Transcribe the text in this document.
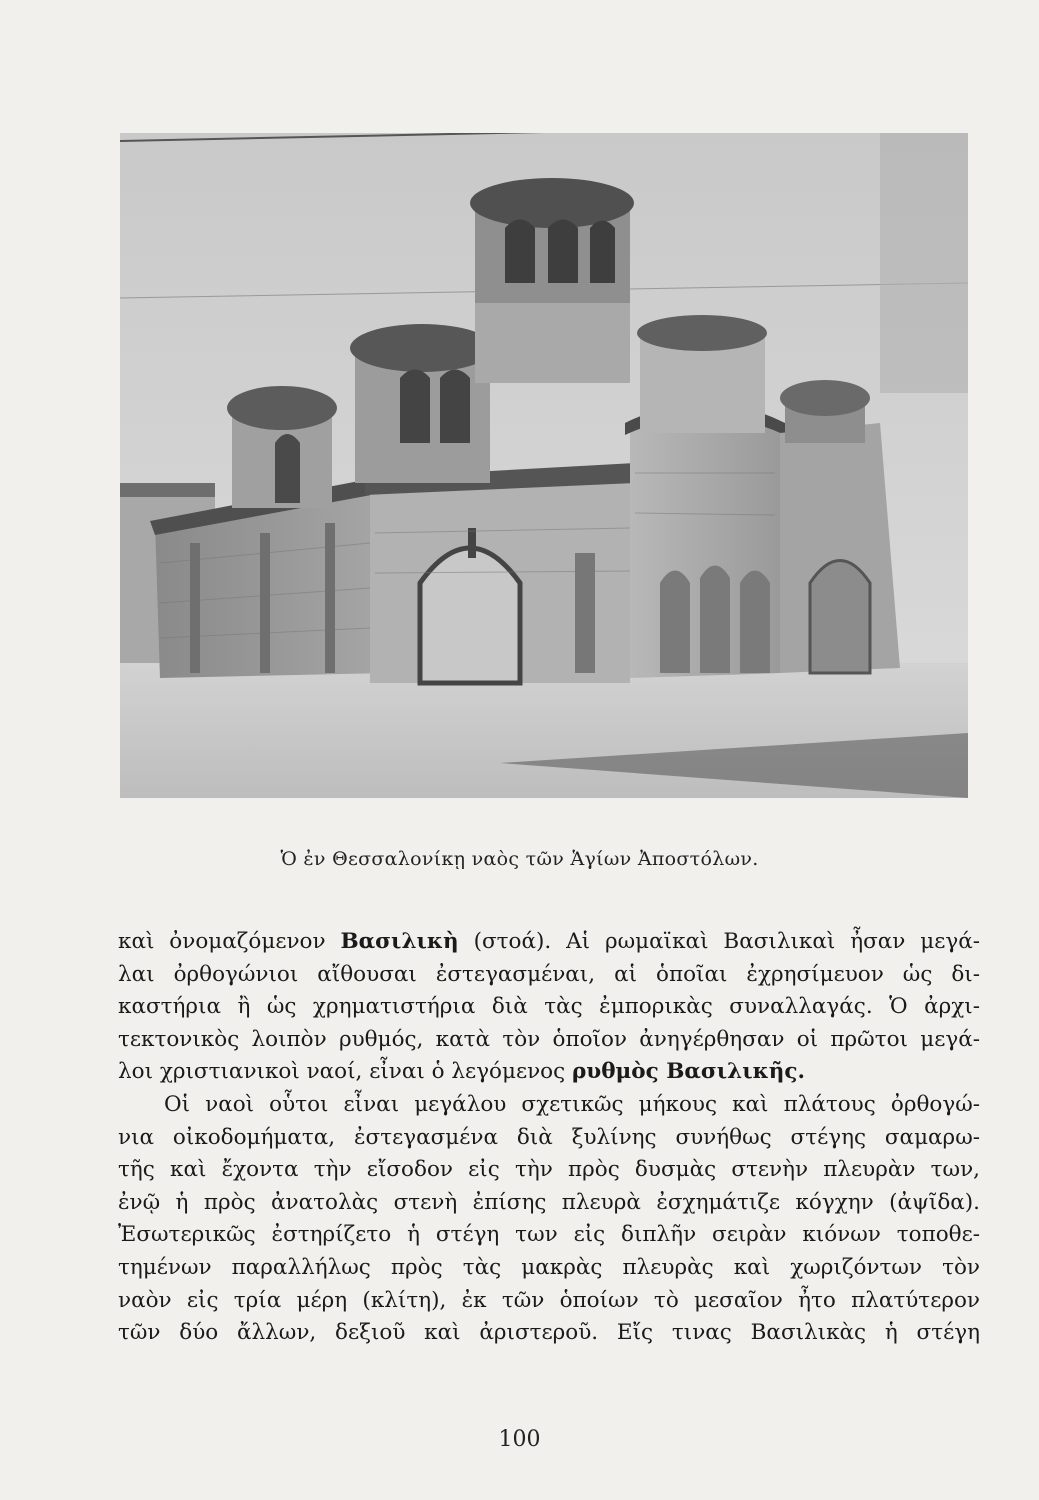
Ὁ ἐν Θεσσαλονίκῃ ναὸς τῶν Ἁγίων Ἀποστόλων.
καὶ ὀνομαζόμενον Βασιλικὴ (στοά). Αἱ ρωμαϊκαὶ Βασιλικαὶ ἦσαν μεγά-
λαι ὀρθογώνιοι αἴθουσαι ἐστεγασμέναι, αἱ ὁποῖαι ἐχρησίμευον ὡς δι-
καστήρια ἢ ὡς χρηματιστήρια διὰ τὰς ἐμπορικὰς συναλλαγάς. Ὁ ἀρχι-
τεκτονικὸς λοιπὸν ρυθμός, κατὰ τὸν ὁποῖον ἀνηγέρθησαν οἱ πρῶτοι μεγά-
λοι χριστιανικοὶ ναοί, εἶναι ὁ λεγόμενος ρυθμὸς Βασιλικῆς.
Οἱ ναοὶ οὗτοι εἶναι μεγάλου σχετικῶς μήκους καὶ πλάτους ὀρθογώ-
νια οἰκοδομήματα, ἐστεγασμένα διὰ ξυλίνης συνήθως στέγης σαμαρω-
τῆς καὶ ἔχοντα τὴν εἴσοδον εἰς τὴν πρὸς δυσμὰς στενὴν πλευρὰν των,
ἐνῷ ἡ πρὸς ἀνατολὰς στενὴ ἐπίσης πλευρὰ ἐσχημάτιζε κόγχην (ἀψῖδα).
Ἐσωτερικῶς ἐστηρίζετο ἡ στέγη των εἰς διπλῆν σειρὰν κιόνων τοποθε-
τημένων παραλλήλως πρὸς τὰς μακρὰς πλευρὰς καὶ χωριζόντων τὸν
ναὸν εἰς τρία μέρη (κλίτη), ἐκ τῶν ὁποίων τὸ μεσαῖον ἦτο πλατύτερον
τῶν δύο ἄλλων, δεξιοῦ καὶ ἀριστεροῦ. Εἴς τινας Βασιλικὰς ἡ στέγη
100
